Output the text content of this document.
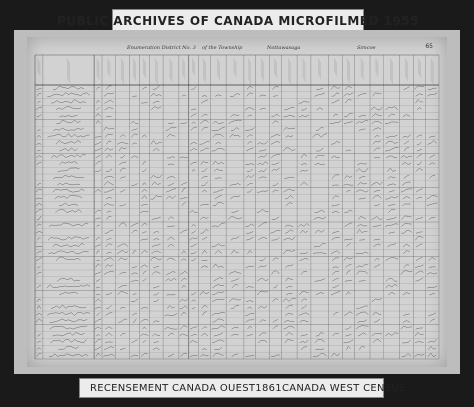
PUBLIC ARCHIVES OF CANADA MICROFILMED 1955
65
Enumeration District No. 3 of the Township	Nottawasaga	Simcoe
RECENSEMENT CANADA OUEST 1861 CANADA WEST CENSUS
